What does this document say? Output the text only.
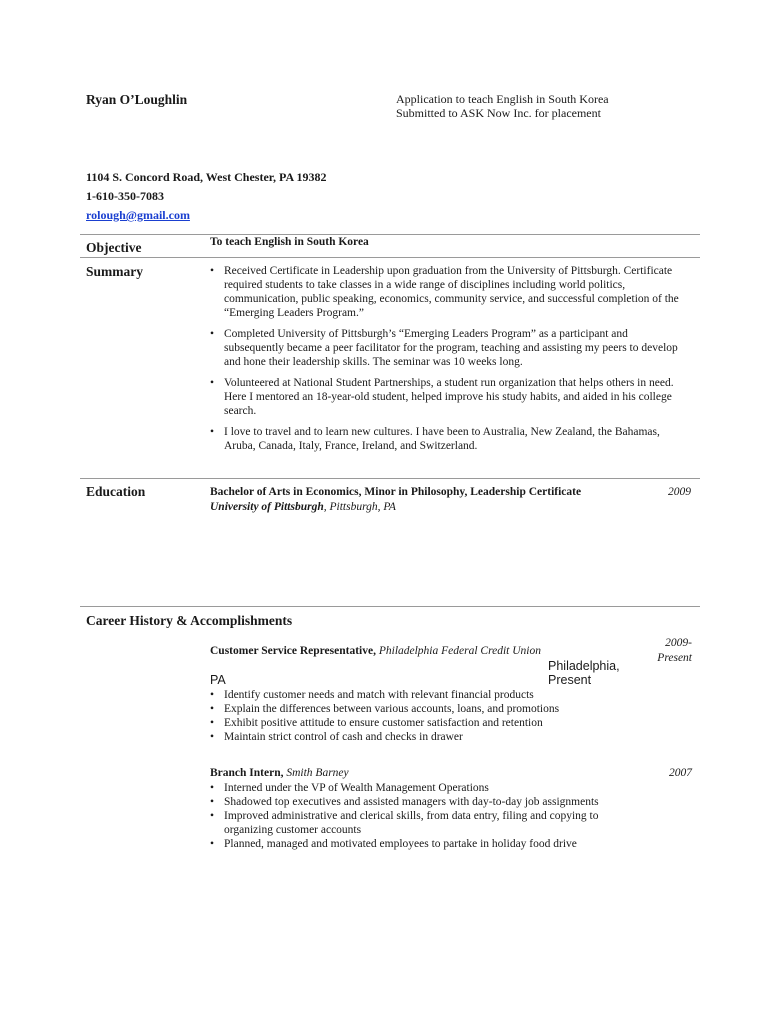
Ryan O’Loughlin	Application to teach English in South Korea
Submitted to ASK Now Inc. for placement
1104 S. Concord Road, West Chester, PA 19382
1-610-350-7083
rolough@gmail.com
Objective	To teach English in South Korea
Summary
•	Received Certificate in Leadership upon graduation from the University of Pittsburgh. Certificate required students to take classes in a wide range of disciplines including world politics, communication, public speaking, economics, community service, and successful completion of the “Emerging Leaders Program.”
• Completed University of Pittsburgh’s “Emerging Leaders Program” as a participant and subsequently became a peer facilitator for the program, teaching and assisting my peers to develop and hone their leadership skills. The seminar was 10 weeks long.
• Volunteered at National Student Partnerships, a student run organization that helps others in need. Here I mentored an 18-year-old student, helped improve his study habits, and aided in his college search.
• I love to travel and to learn new cultures. I have been to Australia, New Zealand, the Bahamas, Aruba, Canada, Italy, France, Ireland, and Switzerland.
Education	Bachelor of Arts in Economics, Minor in Philosophy, Leadership Certificate
University of Pittsburgh, Pittsburgh, PA
2009
Career History & Accomplishments
Customer Service Representative, Philadelphia Federal Credit Union
2009-
Present
Philadelphia,
PA	Present
• Identify customer needs and match with relevant financial products
• Explain the differences between various accounts, loans, and promotions
• Exhibit positive attitude to ensure customer satisfaction and retention
• Maintain strict control of cash and checks in drawer
Branch Intern, Smith Barney	2007
• Interned under the VP of Wealth Management Operations
• Shadowed top executives and assisted managers with day-to-day job assignments
• Improved administrative and clerical skills, from data entry, filing and copying to organizing customer accounts
• Planned, managed and motivated employees to partake in holiday food drive
